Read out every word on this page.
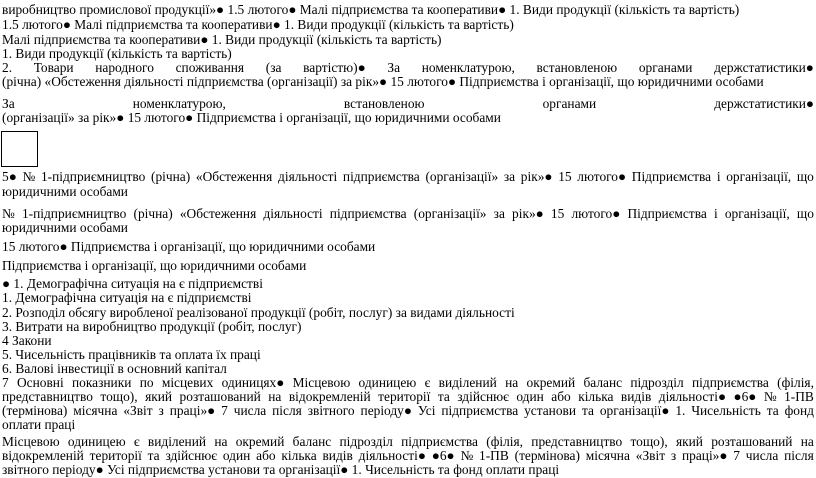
виробництво промислової продукції»● 1.5 лютого● Малі підприємства та кооперативи● 1. Види продукції (кількість та вартість)
1.5 лютого● Малі підприємства та кооперативи● 1. Види продукції (кількість та вартість)
Малі підприємства та кооперативи● 1. Види продукції (кількість та вартість)
1. Види продукції (кількість та вартість)
2. Товари народного споживання (за вартістю)● За номенклатурою, встановленою органами держстатистики●
(річна) «Обстеження діяльності підприємства (організації) за рік»● 15 лютого● Підприємства і організації, що юридичними особами
За	номенклатурою,	встановленою	органами	держстатистики●
(організації» за рік»● 15 лютого● Підприємства і організації, що юридичними особами
5● № 1-підприємництво (річна) «Обстеження діяльності підприємства (організації» за рік»● 15 лютого● Підприємства і організації, що
юридичними особами
№ 1-підприємництво (річна) «Обстеження діяльності підприємства (організації» за рік»● 15 лютого● Підприємства і організації, що
юридичними особами
15 лютого● Підприємства і організації, що юридичними особами
Підприємства і організації, що юридичними особами
● 1. Демографічна ситуація на є підприємстві
1. Демографічна ситуація на є підприємстві
2. Розподіл обсягу виробленої реалізованої продукції (робіт, послуг) за видами діяльності
3. Витрати на виробництво продукції (робіт, послуг)
4 Закони
5. Чисельність працівників та оплата їх праці
6. Валові інвестиції в основний капітал
7 Основні показники по місцевих одиницях● Місцевою одиницею є виділений на окремий баланс підрозділ підприємства (філія,
представництво тощо), який розташований на відокремленій території та здійснює один або кілька видів діяльності● ●6● № 1-ПВ
(термінова) місячна «Звіт з праці»● 7 числа після звітного періоду● Усі підприємства установи та організації● 1. Чисельність та фонд
оплати праці
Місцевою одиницею є виділений на окремий баланс підрозділ підприємства (філія, представництво тощо), який розташований на
відокремленій території та здійснює один або кілька видів діяльності● ●6● № 1-ПВ (термінова) місячна «Звіт з праці»● 7 числа після
звітного періоду● Усі підприємства установи та організації● 1. Чисельність та фонд оплати праці
